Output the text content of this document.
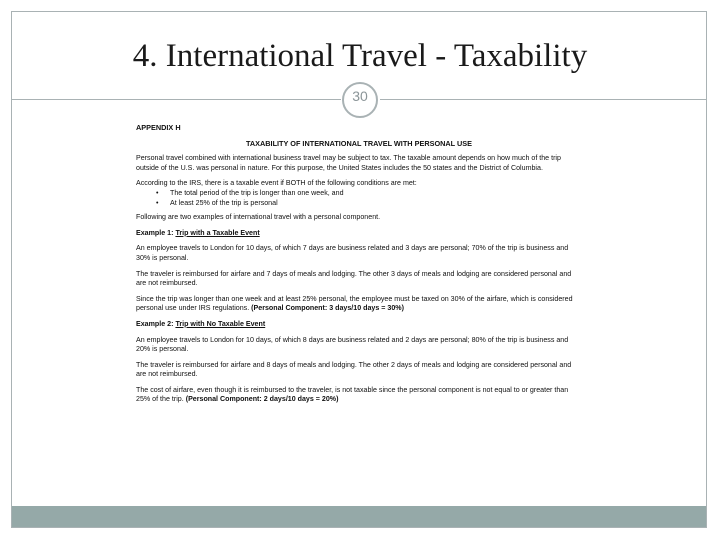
4. International Travel - Taxability
30

APPENDIX H

TAXABILITY OF INTERNATIONAL TRAVEL WITH PERSONAL USE

Personal travel combined with international business travel may be subject to tax. The taxable amount depends on how much of the trip outside of the U.S. was personal in nature. For this purpose, the United States includes the 50 states and the District of Columbia.

According to the IRS, there is a taxable event if BOTH of the following conditions are met:

• The total period of the trip is longer than one week, and
• At least 25% of the trip is personal

Following are two examples of international travel with a personal component.

Example 1: Trip with a Taxable Event

An employee travels to London for 10 days, of which 7 days are business related and 3 days are personal; 70% of the trip is business and 30% is personal.

The traveler is reimbursed for airfare and 7 days of meals and lodging. The other 3 days of meals and lodging are considered personal and are not reimbursed.

Since the trip was longer than one week and at least 25% personal, the employee must be taxed on 30% of the airfare, which is considered personal use under IRS regulations. (Personal Component: 3 days/10 days = 30%)

Example 2: Trip with No Taxable Event

An employee travels to London for 10 days, of which 8 days are business related and 2 days are personal; 80% of the trip is business and 20% is personal.

The traveler is reimbursed for airfare and 8 days of meals and lodging. The other 2 days of meals and lodging are considered personal and are not reimbursed.

The cost of airfare, even though it is reimbursed to the traveler, is not taxable since the personal component is not equal to or greater than 25% of the trip. (Personal Component: 2 days/10 days = 20%)
